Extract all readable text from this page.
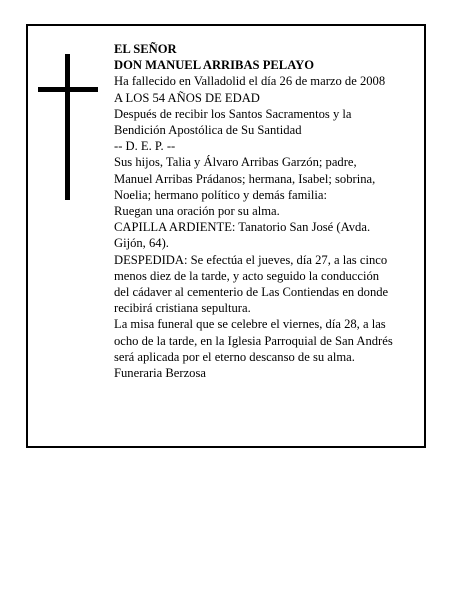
EL SEÑOR
DON MANUEL ARRIBAS PELAYO
Ha fallecido en Valladolid el día 26 de marzo de 2008
A LOS 54 AÑOS DE EDAD
Después de recibir los Santos Sacramentos y la
Bendición Apostólica de Su Santidad
-- D. E. P. --
Sus hijos, Talia y Álvaro Arribas Garzón; padre,
Manuel Arribas Prádanos; hermana, Isabel; sobrina,
Noelia; hermano político y demás familia:
Ruegan una oración por su alma.
CAPILLA ARDIENTE: Tanatorio San José (Avda.
Gijón, 64).
DESPEDIDA: Se efectúa el jueves, día 27, a las cinco
menos diez de la tarde, y acto seguido la conducción
del cádaver al cementerio de Las Contiendas en donde
recibirá cristiana sepultura.
La misa funeral que se celebre el viernes, día 28, a las
ocho de la tarde, en la Iglesia Parroquial de San Andrés
será aplicada por el eterno descanso de su alma.
Funeraria Berzosa
